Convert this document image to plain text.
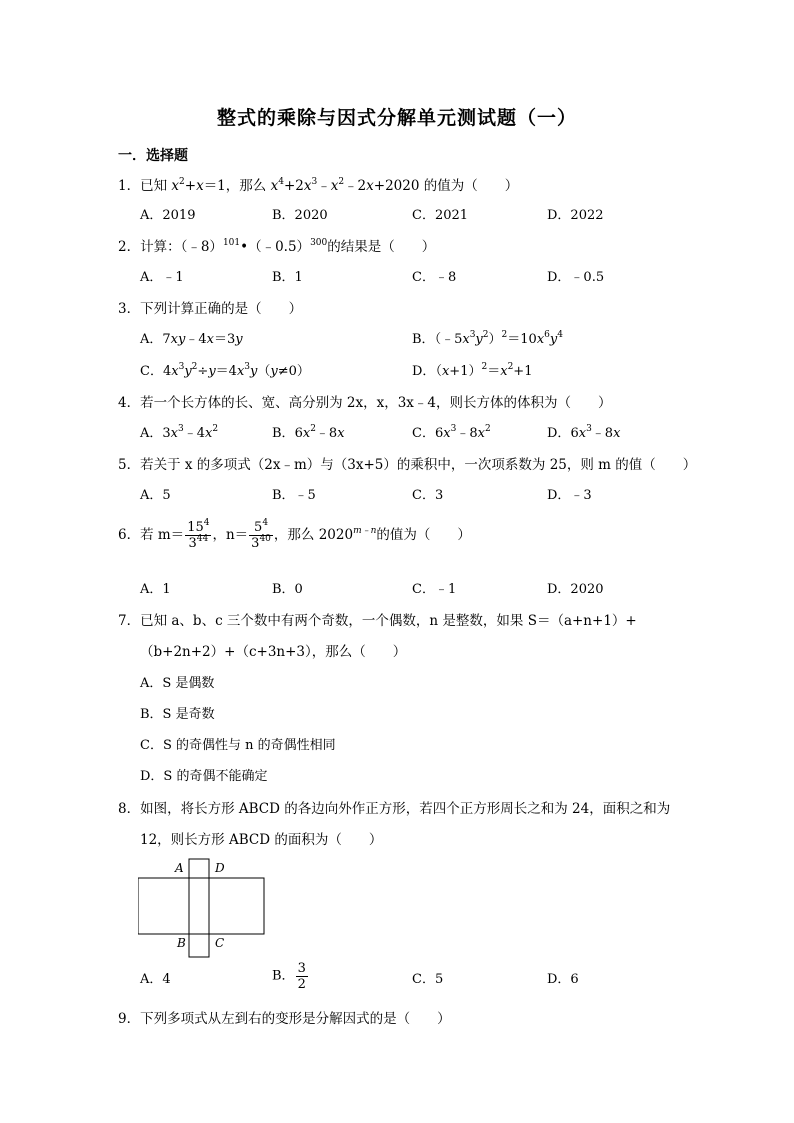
整式的乘除与因式分解单元测试题（一）
一．选择题
1．已知 $x^2+x=1$，那么 $x^4+2x^3﹣x^2﹣2x+2020$ 的值为（　　）
A．2019	B．2020	C．2021	D．2022
2．计算：（﹣8）$^{101}$•（﹣0.5）$^{300}$的结果是（　　）
A．﹣1	B．1	C．﹣8	D．﹣0.5
3．下列计算正确的是（　　）
A．7xy﹣4x＝3y	B．$(﹣5x^3y^2)^2=10x^6y^4$
C．$4x^3y^2\div y=4x^3y(y\ne 0)$	D．$(x+1)^2=x^2+1$
4．若一个长方体的长、宽、高分别为 2x，x，3x﹣4，则长方体的体积为（　　）
A．$3x^3﹣4x^2$	B．$6x^2﹣8x$	C．$6x^3﹣8x^2$	D．$6x^3﹣8x$
5．若关于 x 的多项式（2x﹣m）与（3x+5）的乘积中，一次项系数为 25，则 m 的值（　　）
A．5	B．﹣5	C．3	D．﹣3
6．若 $m= \frac{15^4}{3^{44}}$ ，$n= \frac{5^4}{3^{40}}$ ，那么 $2020^{m﹣n}$的值为（　　）
A．1	B．0	C．﹣1	D．2020
7．已知 a、b、c 三个数中有两个奇数，一个偶数，n 是整数，如果 S＝（a+n+1）+
（b+2n+2）+（c+3n+3），那么（　　）
A．S 是偶数
B．S 是奇数
C．S 的奇偶性与 n 的奇偶性相同
D．S 的奇偶不能确定
8．如图，将长方形 ABCD 的各边向外作正方形，若四个正方形周长之和为 24，面积之和为
12，则长方形 ABCD 的面积为（　　）
A	D
B C
A．4	B． $\frac{3}{2}$	C．5	D．6
9．下列多项式从左到右的变形是分解因式的是（　　）
